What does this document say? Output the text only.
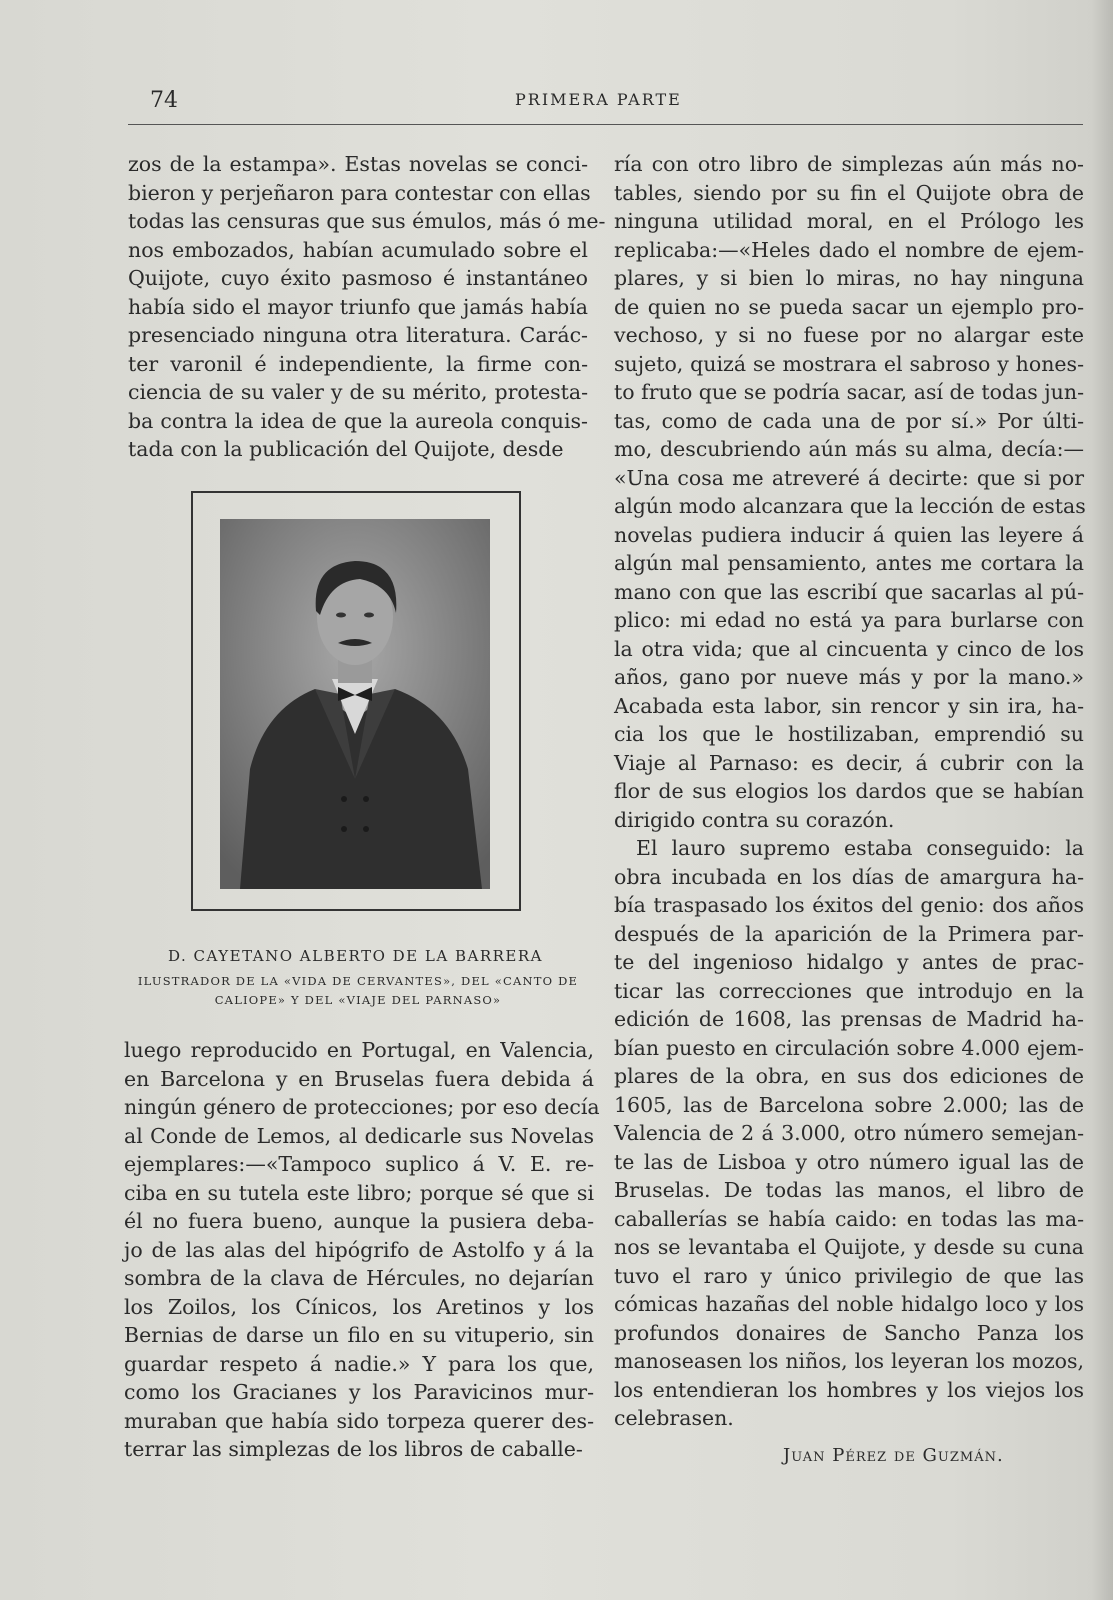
74	PRIMERA PARTE
zos de la estampa». Estas novelas se conci-
bieron y perjeñaron para contestar con ellas
todas las censuras que sus émulos, más ó me-
nos embozados, habían acumulado sobre el
Quijote, cuyo éxito pasmoso é instantáneo
había sido el mayor triunfo que jamás había
presenciado ninguna otra literatura. Carác-
ter varonil é independiente, la firme con-
ciencia de su valer y de su mérito, protesta-
ba contra la idea de que la aureola conquis-
tada con la publicación del Quijote, desde
D. CAYETANO ALBERTO DE LA BARRERA
ILUSTRADOR DE LA «VIDA DE CERVANTES», DEL «CANTO DE
CALIOPE» Y DEL «VIAJE DEL PARNASO»
luego reproducido en Portugal, en Valencia,
en Barcelona y en Bruselas fuera debida á
ningún género de protecciones; por eso decía
al Conde de Lemos, al dedicarle sus Novelas
ejemplares:—«Tampoco suplico á V. E. re-
ciba en su tutela este libro; porque sé que si
él no fuera bueno, aunque la pusiera deba-
jo de las alas del hipógrifo de Astolfo y á la
sombra de la clava de Hércules, no dejarían
los Zoilos, los Cínicos, los Aretinos y los
Bernias de darse un filo en su vituperio, sin
guardar respeto á nadie.» Y para los que,
como los Gracianes y los Paravicinos mur-
muraban que había sido torpeza querer des-
terrar las simplezas de los libros de caballe-
ría con otro libro de simplezas aún más no-
tables, siendo por su fin el Quijote obra de
ninguna utilidad moral, en el Prólogo les
replicaba:—«Heles dado el nombre de ejem-
plares, y si bien lo miras, no hay ninguna
de quien no se pueda sacar un ejemplo pro-
vechoso, y si no fuese por no alargar este
sujeto, quizá se mostrara el sabroso y hones-
to fruto que se podría sacar, así de todas jun-
tas, como de cada una de por sí.» Por últi-
mo, descubriendo aún más su alma, decía:—
«Una cosa me atreveré á decirte: que si por
algún modo alcanzara que la lección de estas
novelas pudiera inducir á quien las leyere á
algún mal pensamiento, antes me cortara la
mano con que las escribí que sacarlas al pú-
plico: mi edad no está ya para burlarse con
la otra vida; que al cincuenta y cinco de los
años, gano por nueve más y por la mano.»
Acabada esta labor, sin rencor y sin ira, ha-
cia los que le hostilizaban, emprendió su
Viaje al Parnaso: es decir, á cubrir con la
flor de sus elogios los dardos que se habían
dirigido contra su corazón.
El lauro supremo estaba conseguido: la
obra incubada en los días de amargura ha-
bía traspasado los éxitos del genio: dos años
después de la aparición de la Primera par-
te del ingenioso hidalgo y antes de prac-
ticar las correcciones que introdujo en la
edición de 1608, las prensas de Madrid ha-
bían puesto en circulación sobre 4.000 ejem-
plares de la obra, en sus dos ediciones de
1605, las de Barcelona sobre 2.000; las de
Valencia de 2 á 3.000, otro número semejan-
te las de Lisboa y otro número igual las de
Bruselas. De todas las manos, el libro de
caballerías se había caido: en todas las ma-
nos se levantaba el Quijote, y desde su cuna
tuvo el raro y único privilegio de que las
cómicas hazañas del noble hidalgo loco y los
profundos donaires de Sancho Panza los
manoseasen los niños, los leyeran los mozos,
los entendieran los hombres y los viejos los
celebrasen.
Juan Pérez de Guzmán.
